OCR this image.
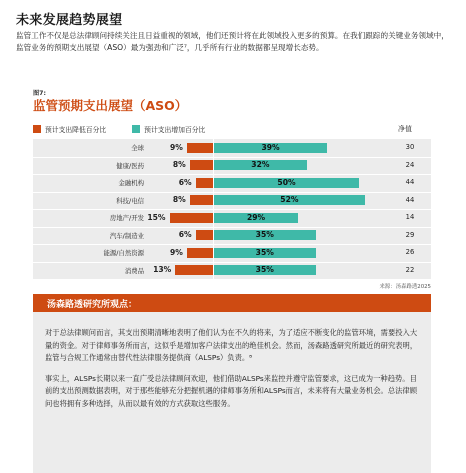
未来发展趋势展望
监管工作不仅是总法律顾问持续关注且日益重视的领域，他们还预计将在此领域投入更多的预算。在我们跟踪的关键业务领域中，监管业务的预期支出展望（ASO）最为强劲和广泛⁷，几乎所有行业的数据都呈现增长态势。
图7:
监管预期支出展望（ASO）
预计支出降低百分比	预计支出增加百分比	净值
全球	9%	39%	30
健康/医药	8%	32%	24
金融机构	6%	50%	44
科技/电信	8%	52%	44
房地产/开发 15%	29%	14
汽车/制造业	6%	35%	29
能源/自然资源	9%	35%	26
消费品	13%	35%	22
来源：汤森路透2025
汤森路透研究所观点：

对于总法律顾问而言，其支出预期清晰地表明了他们认为在不久的将来，为了适应不断变化的监管环境，需要投入大量的资金。对于律师事务所而言，这似乎是增加客户法律支出的绝佳机会。然而，汤森路透研究所最近的研究表明，监管与合规工作通常由替代性法律服务提供商（ALSPs）负责。⁸

事实上，ALSPs长期以来一直广受总法律顾问欢迎，他们借助ALSPs来监控并遵守监管要求，这已成为一种趋势。目前的支出预测数据表明，对于那些能够充分把握机遇的律师事务所和ALSPs而言，未来将有大量业务机会。总法律顾问也将拥有多种选择，从而以最有效的方式获取这些服务。
